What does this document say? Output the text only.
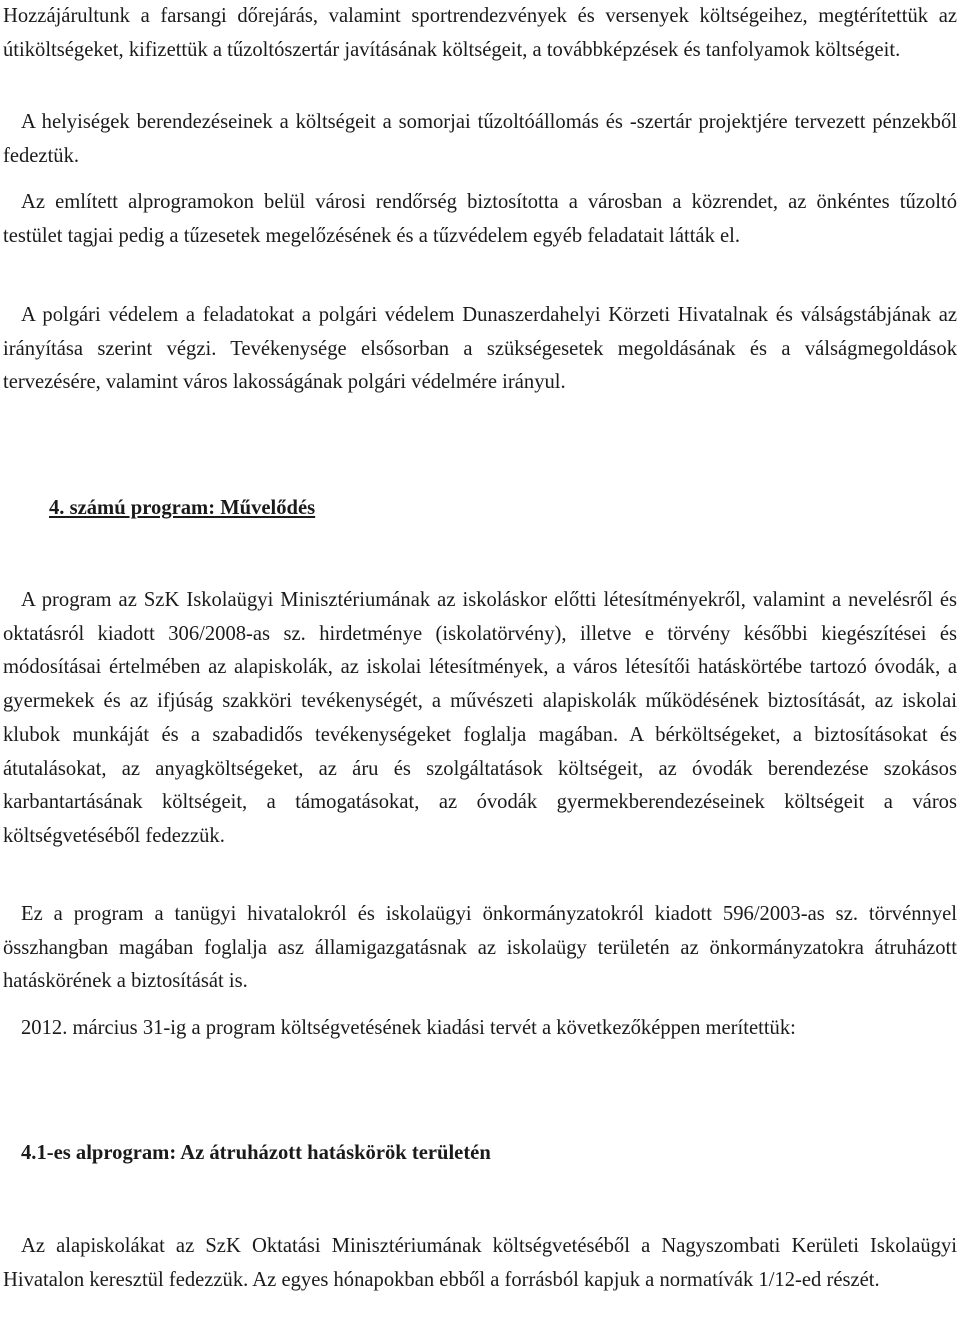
Hozzájárultunk a farsangi dőrejárás, valamint sportrendezvények és versenyek költségeihez, megtérítettük az útiköltségeket, kifizettük a tűzoltószertár javításának költségeit, a továbbképzések és tanfolyamok költségeit.

A helyiségek berendezéseinek a költségeit a somorjai tűzoltóállomás és -szertár projektjére tervezett pénzekből fedeztük.

Az említett alprogramokon belül városi rendőrség biztosította a városban a közrendet, az önkéntes tűzoltó testület tagjai pedig a tűzesetek megelőzésének és a tűzvédelem egyéb feladatait látták el.

A polgári védelem a feladatokat a polgári védelem Dunaszerdahelyi Körzeti Hivatalnak és válságstábjának az irányítása szerint végzi. Tevékenysége elsősorban a szükségesetek megoldásának és a válságmegoldások tervezésére, valamint város lakosságának polgári védelmére irányul.

4. számú program: Művelődés

A program az SzK Iskolaügyi Minisztériumának az iskoláskor előtti létesítményekről, valamint a nevelésről és oktatásról kiadott 306/2008-as sz. hirdetménye (iskolatörvény), illetve e törvény későbbi kiegészítései és módosításai értelmében az alapiskolák, az iskolai létesítmények, a város létesítői hatáskörtébe tartozó óvodák, a gyermekek és az ifjúság szakköri tevékenységét, a művészeti alapiskolák működésének biztosítását, az iskolai klubok munkáját és a szabadidős tevékenységeket foglalja magában. A bérköltségeket, a biztosításokat és átutalásokat, az anyagköltségeket, az áru és szolgáltatások költségeit, az óvodák berendezése szokásos karbantartásának költségeit, a támogatásokat, az óvodák gyermekberendezéseinek költségeit a város költségvetéséből fedezzük.

Ez a program a tanügyi hivatalokról és iskolaügyi önkormányzatokról kiadott 596/2003-as sz. törvénnyel összhangban magában foglalja asz államigazgatásnak az iskolaügy területén az önkormányzatokra átruházott hatáskörének a biztosítását is.

2012. március 31-ig a program költségvetésének kiadási tervét a következőképpen merítettük:

4.1-es alprogram: Az átruházott hatáskörök területén

Az alapiskolákat az SzK Oktatási Minisztériumának költségvetéséből a Nagyszombati Kerületi Iskolaügyi Hivatalon keresztül fedezzük. Az egyes hónapokban ebből a forrásból kapjuk a normatívák 1/12-ed részét.
